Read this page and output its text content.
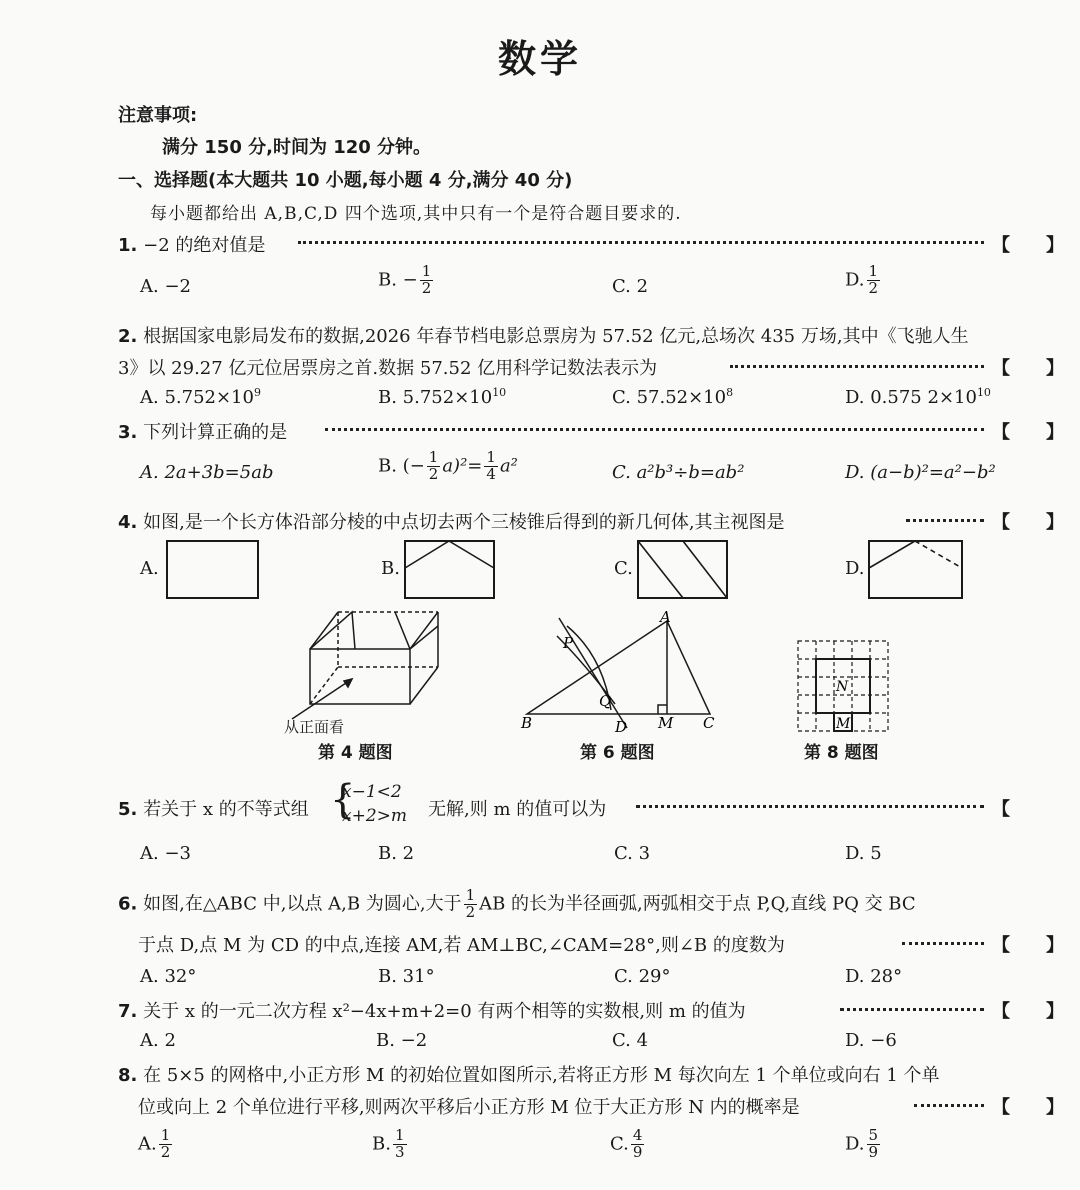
数学
注意事项:
满分 150 分,时间为 120 分钟。
一、选择题(本大题共 10 小题,每小题 4 分,满分 40 分)
每小题都给出 A,B,C,D 四个选项,其中只有一个是符合题目要求的.
1. −2 的绝对值是	【　　】
A. −2	B. − $\frac{1}{2}$	C. 2	D. $\frac{1}{2}$
2. 根据国家电影局发布的数据,2026 年春节档电影总票房为 57.52 亿元,总场次 435 万场,其中《飞驰人生
3》以 29.27 亿元位居票房之首.数据 57.52 亿用科学记数法表示为	【　　】
A. $5.752\times 10^9$	B. $5.752\times 10^{10}$	C. $57.52\times 10^8$	D. 0.575 $2\times 10^{10}$
3. 下列计算正确的是	【　　】
A. 2a+3b=5ab	B. (− $\frac{1}{2} a)^2= \frac{1}{4} a^2$	C. a²b³÷b=ab²	D. (a−b)²=a²−b²
4. 如图,是一个长方体沿部分棱的中点切去两个三棱锥后得到的新几何体,其主视图是	【　　】
A.	B.	C.	D.
从正面看
第 4 题图
A
B	C
D M
P
Q
第 6 题图
N
M
第 8 题图
5. 若关于 x 的不等式组 {
x−1<2
x+2>m 无解,则 m 的值可以为	【
A. −3	B. 2	C. 3	D. 5
6. 如图,在△ABC 中,以点 A,B 为圆心,大于 $\frac{1}{2}$ AB 的长为半径画弧,两弧相交于点 P,Q,直线 PQ 交 BC
于点 D,点 M 为 CD 的中点,连接 AM,若 AM⊥BC,∠CAM=28°,则∠B 的度数为	【　　】
A. 32°	B. 31°	C. 29°	D. 28°
7. 关于 x 的一元二次方程 x²−4x+m+2=0 有两个相等的实数根,则 m 的值为	【　　】
A. 2	B. −2	C. 4	D. −6
8. 在 5×5 的网格中,小正方形 M 的初始位置如图所示,若将正方形 M 每次向左 1 个单位或向右 1 个单
位或向上 2 个单位进行平移,则两次平移后小正方形 M 位于大正方形 N 内的概率是	【　　】
A. $\frac{1}{2}$	B. $\frac{1}{3}$	C. $\frac{4}{9}$	D. $\frac{5}{9}$
